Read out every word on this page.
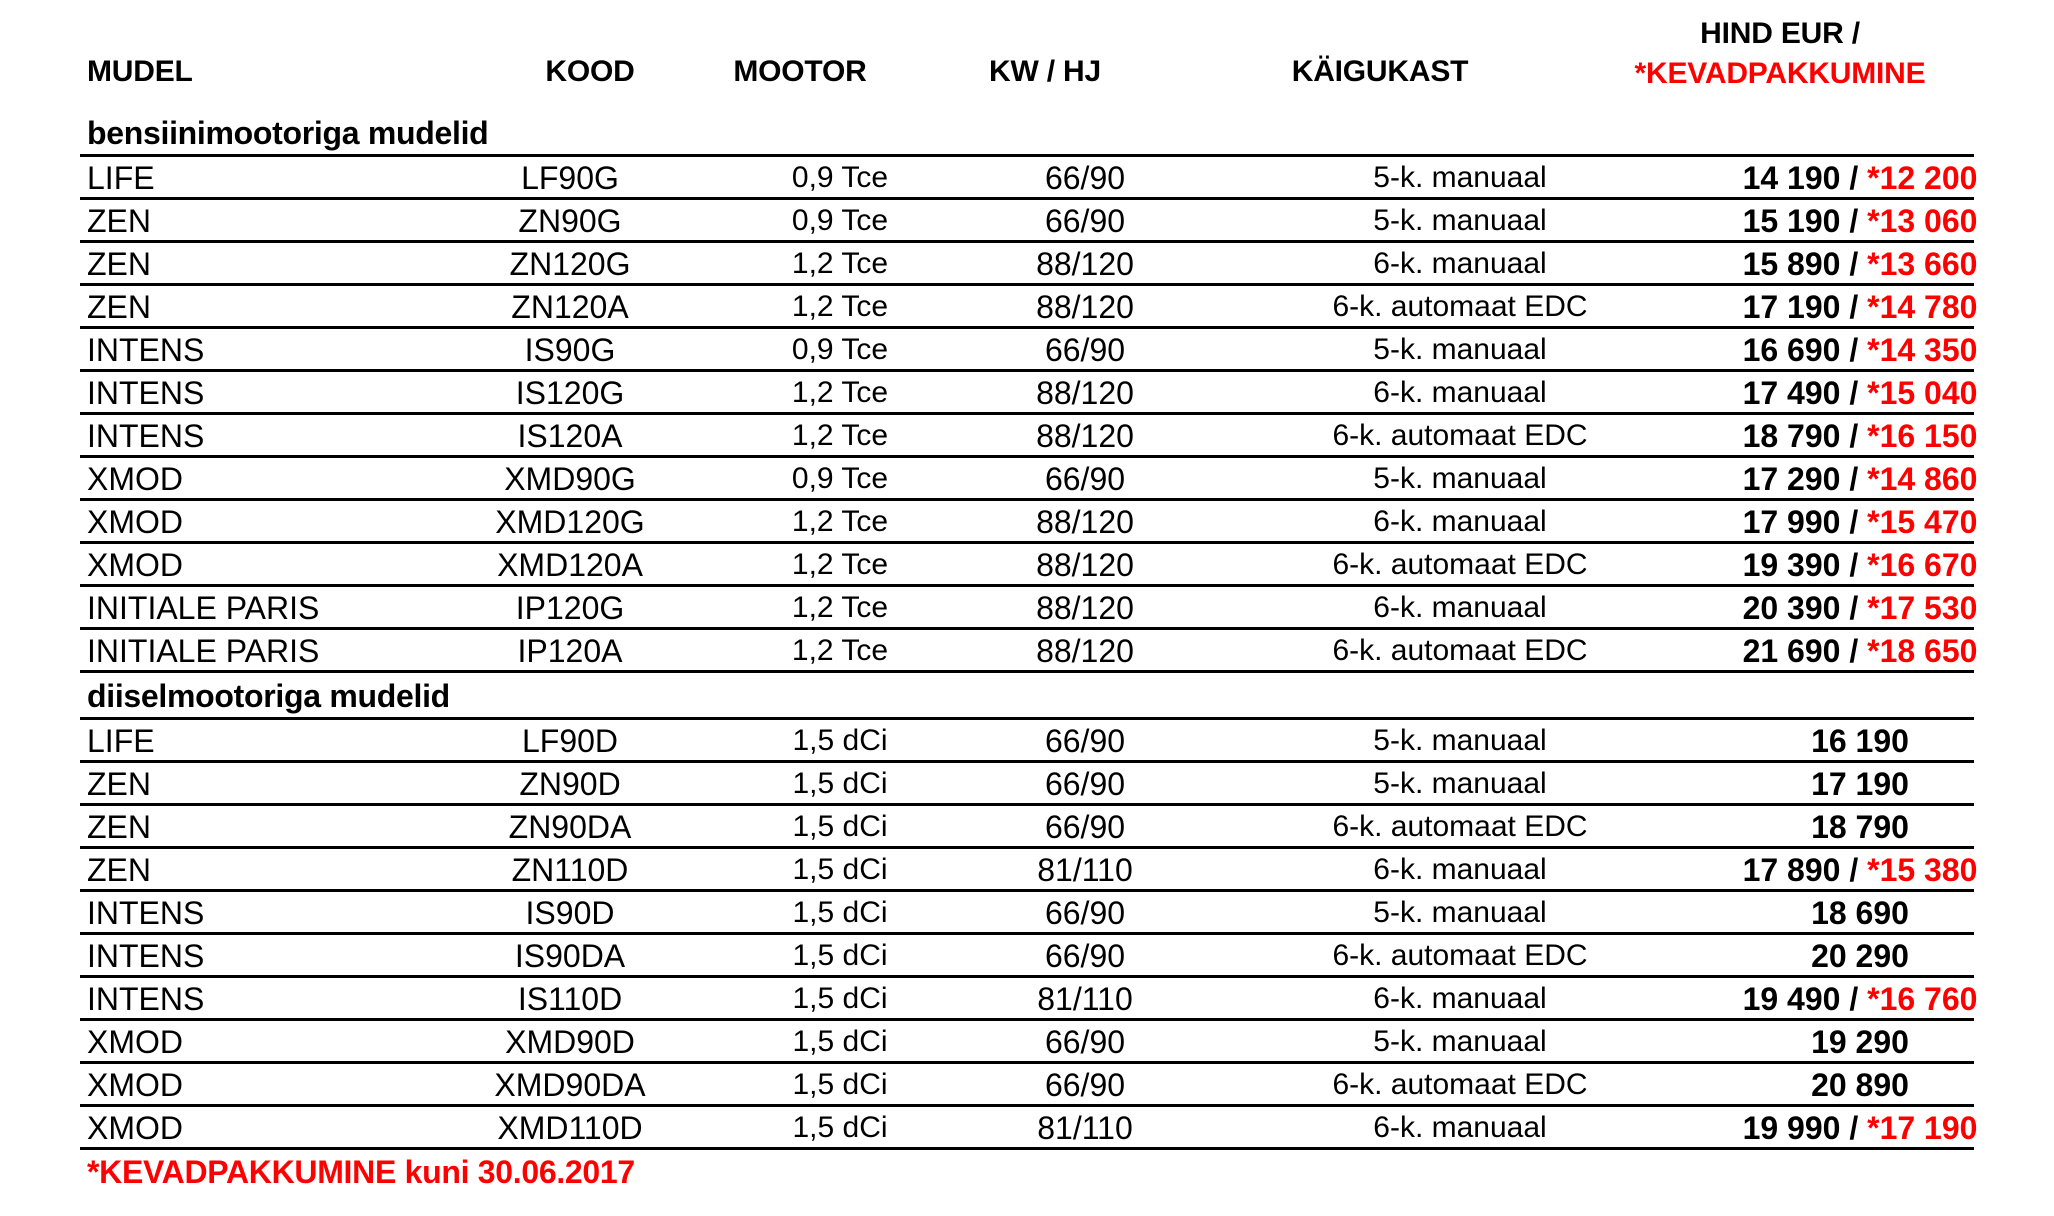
MUDEL	KOOD	MOOTOR	KW / HJ	KÄIGUKAST
HIND EUR /
*KEVADPAKKUMINE
bensiinimootoriga mudelid
LIFE	LF90G	0,9 Tce	66/90	5-k. manuaal	14 190 / *12 200
ZEN	ZN90G	0,9 Tce	66/90	5-k. manuaal	15 190 / *13 060
ZEN	ZN120G	1,2 Tce	88/120	6-k. manuaal	15 890 / *13 660
ZEN	ZN120A	1,2 Tce	88/120	6-k. automaat EDC	17 190 / *14 780
INTENS	IS90G	0,9 Tce	66/90	5-k. manuaal	16 690 / *14 350
INTENS	IS120G	1,2 Tce	88/120	6-k. manuaal	17 490 / *15 040
INTENS	IS120A	1,2 Tce	88/120	6-k. automaat EDC	18 790 / *16 150
XMOD	XMD90G	0,9 Tce	66/90	5-k. manuaal	17 290 / *14 860
XMOD	XMD120G	1,2 Tce	88/120	6-k. manuaal	17 990 / *15 470
XMOD	XMD120A	1,2 Tce	88/120	6-k. automaat EDC	19 390 / *16 670
INITIALE PARIS	IP120G	1,2 Tce	88/120	6-k. manuaal	20 390 / *17 530
INITIALE PARIS	IP120A	1,2 Tce	88/120	6-k. automaat EDC	21 690 / *18 650
diiselmootoriga mudelid
LIFE	LF90D	1,5 dCi	66/90	5-k. manuaal	16 190
ZEN	ZN90D	1,5 dCi	66/90	5-k. manuaal	17 190
ZEN	ZN90DA	1,5 dCi	66/90	6-k. automaat EDC	18 790
ZEN	ZN110D	1,5 dCi	81/110	6-k. manuaal	17 890 / *15 380
INTENS	IS90D	1,5 dCi	66/90	5-k. manuaal	18 690
INTENS	IS90DA	1,5 dCi	66/90	6-k. automaat EDC	20 290
INTENS	IS110D	1,5 dCi	81/110	6-k. manuaal	19 490 / *16 760
XMOD	XMD90D	1,5 dCi	66/90	5-k. manuaal	19 290
XMOD	XMD90DA	1,5 dCi	66/90	6-k. automaat EDC	20 890
XMOD	XMD110D	1,5 dCi	81/110	6-k. manuaal	19 990 / *17 190
*KEVADPAKKUMINE kuni 30.06.2017
